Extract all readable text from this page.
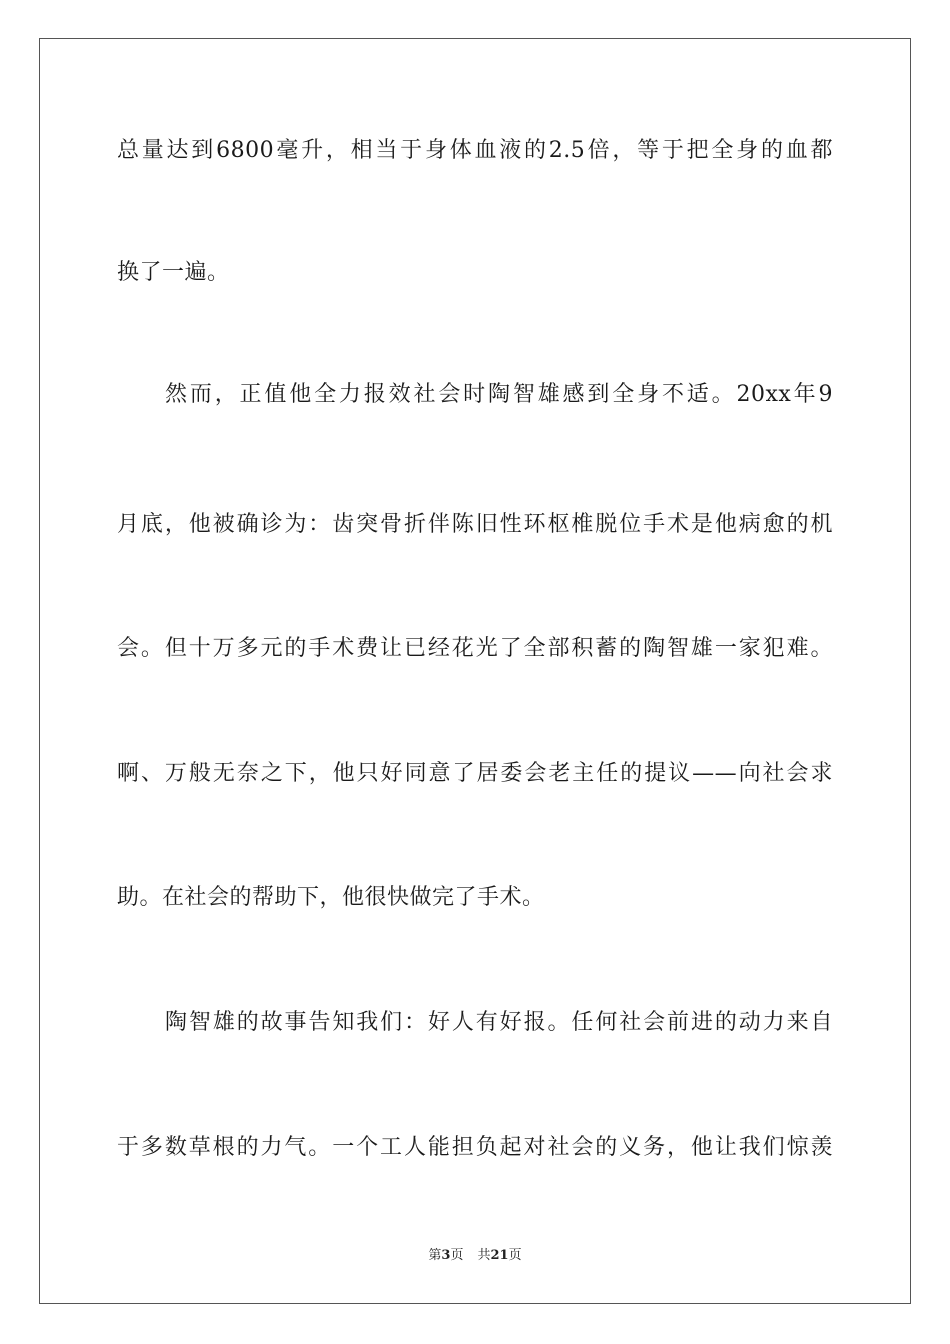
总量达到6800毫升，相当于身体血液的2.5倍，等于把全身的血都
换了一遍。
然而，正值他全力报效社会时陶智雄感到全身不适。20xx年9
月底，他被确诊为：齿突骨折伴陈旧性环枢椎脱位手术是他病愈的机
会。但十万多元的手术费让已经花光了全部积蓄的陶智雄一家犯难。
啊、万般无奈之下，他只好同意了居委会老主任的提议——向社会求
助。在社会的帮助下，他很快做完了手术。
陶智雄的故事告知我们：好人有好报。任何社会前进的动力来自
于多数草根的力气。一个工人能担负起对社会的义务，他让我们惊羡
第3页 共21页
